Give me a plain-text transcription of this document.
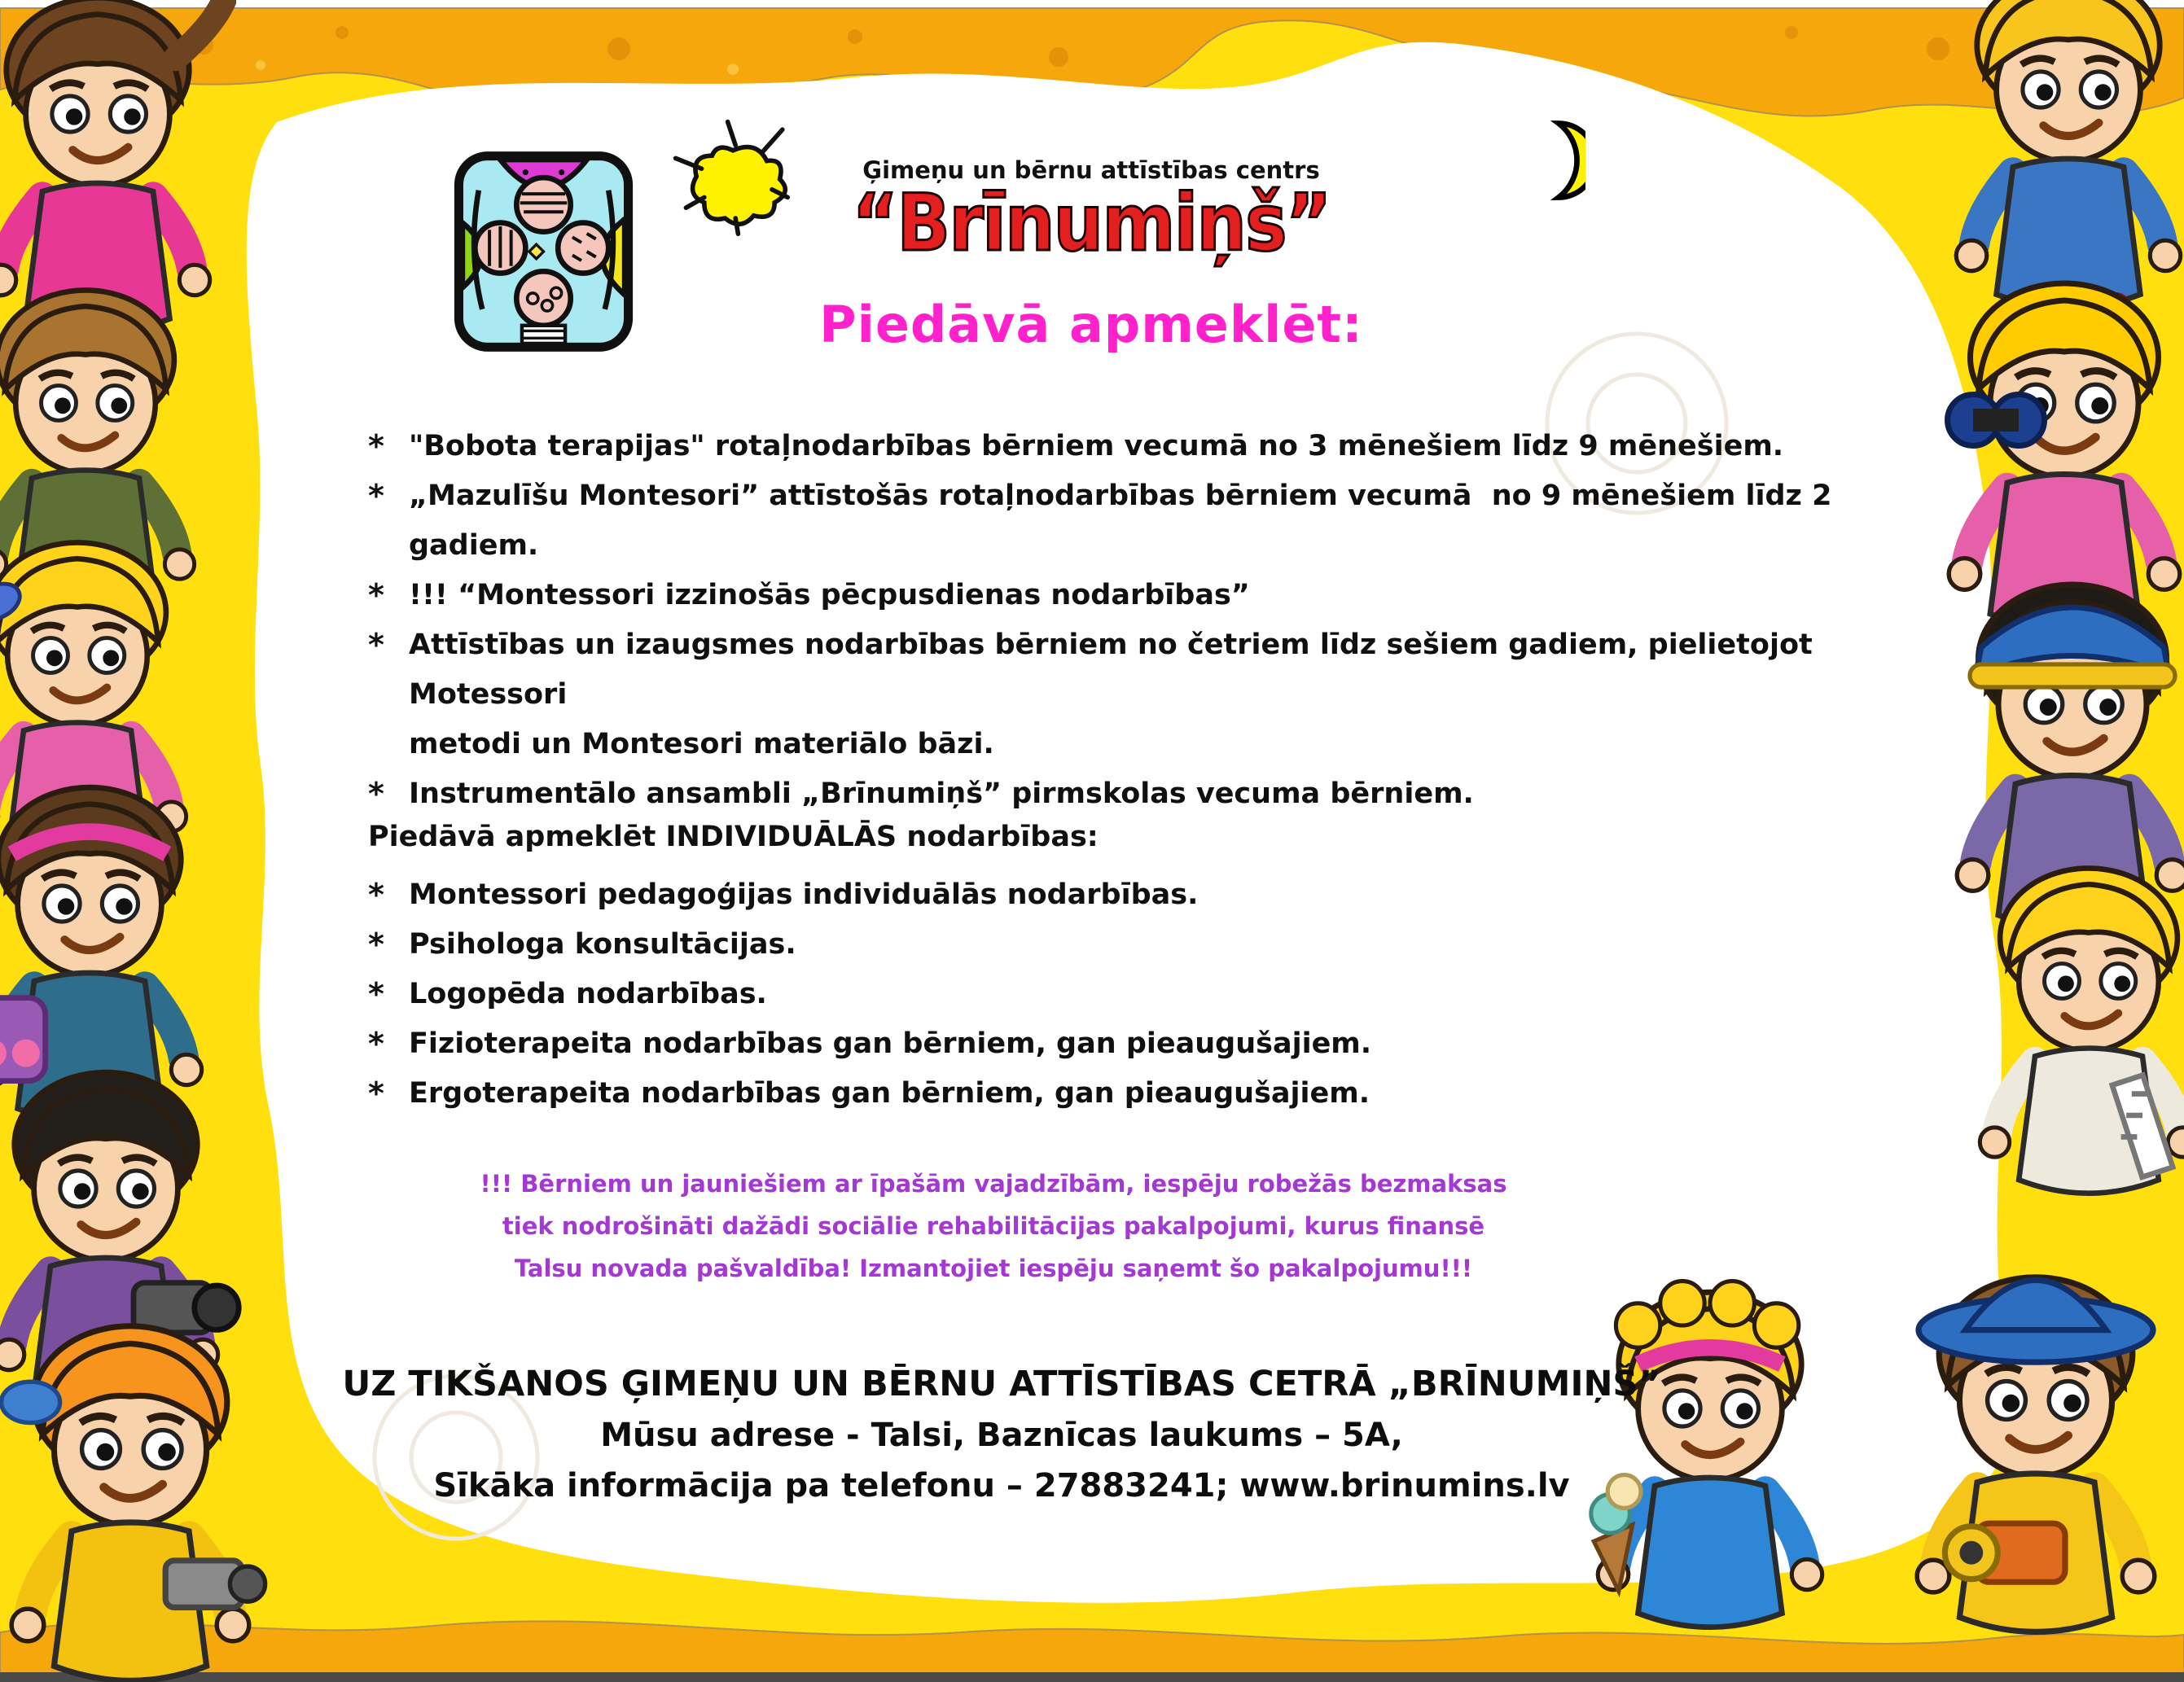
Ģimeņu un bērnu attīstības centrs
“Brīnumiņš”
Piedāvā apmeklēt:
* "Bobota terapijas" rotaļnodarbības bērniem vecumā no 3 mēnešiem līdz 9 mēnešiem.
* „Mazulīšu Montesori” attīstošās rotaļnodarbības bērniem vecumā  no 9 mēnešiem līdz 2 gadiem.
* !!! “Montessori izzinošās pēcpusdienas nodarbības”
* Attīstības un izaugsmes nodarbības bērniem no četriem līdz sešiem gadiem, pielietojot Motessori
metodi un Montesori materiālo bāzi.
* Instrumentālo ansambli „Brīnumiņš” pirmskolas vecuma bērniem.
Piedāvā apmeklēt INDIVIDUĀLĀS nodarbības:
* Montessori pedagoģijas individuālās nodarbības.
* Psihologa konsultācijas.
* Logopēda nodarbības.
* Fizioterapeita nodarbības gan bērniem, gan pieaugušajiem.
* Ergoterapeita nodarbības gan bērniem, gan pieaugušajiem.
!!! Bērniem un jauniešiem ar īpašām vajadzībām, iespēju robežās bezmaksas
tiek nodrošināti dažādi sociālie rehabilitācijas pakalpojumi, kurus finansē
Talsu novada pašvaldība! Izmantojiet iespēju saņemt šo pakalpojumu!!!
UZ TIKŠANOS ĢIMEŅU UN BĒRNU ATTĪSTĪBAS CETRĀ „BRĪNUMIŅŠ”
Mūsu adrese - Talsi, Baznīcas laukums – 5A,
Sīkāka informācija pa telefonu – 27883241; www.brinumins.lv
